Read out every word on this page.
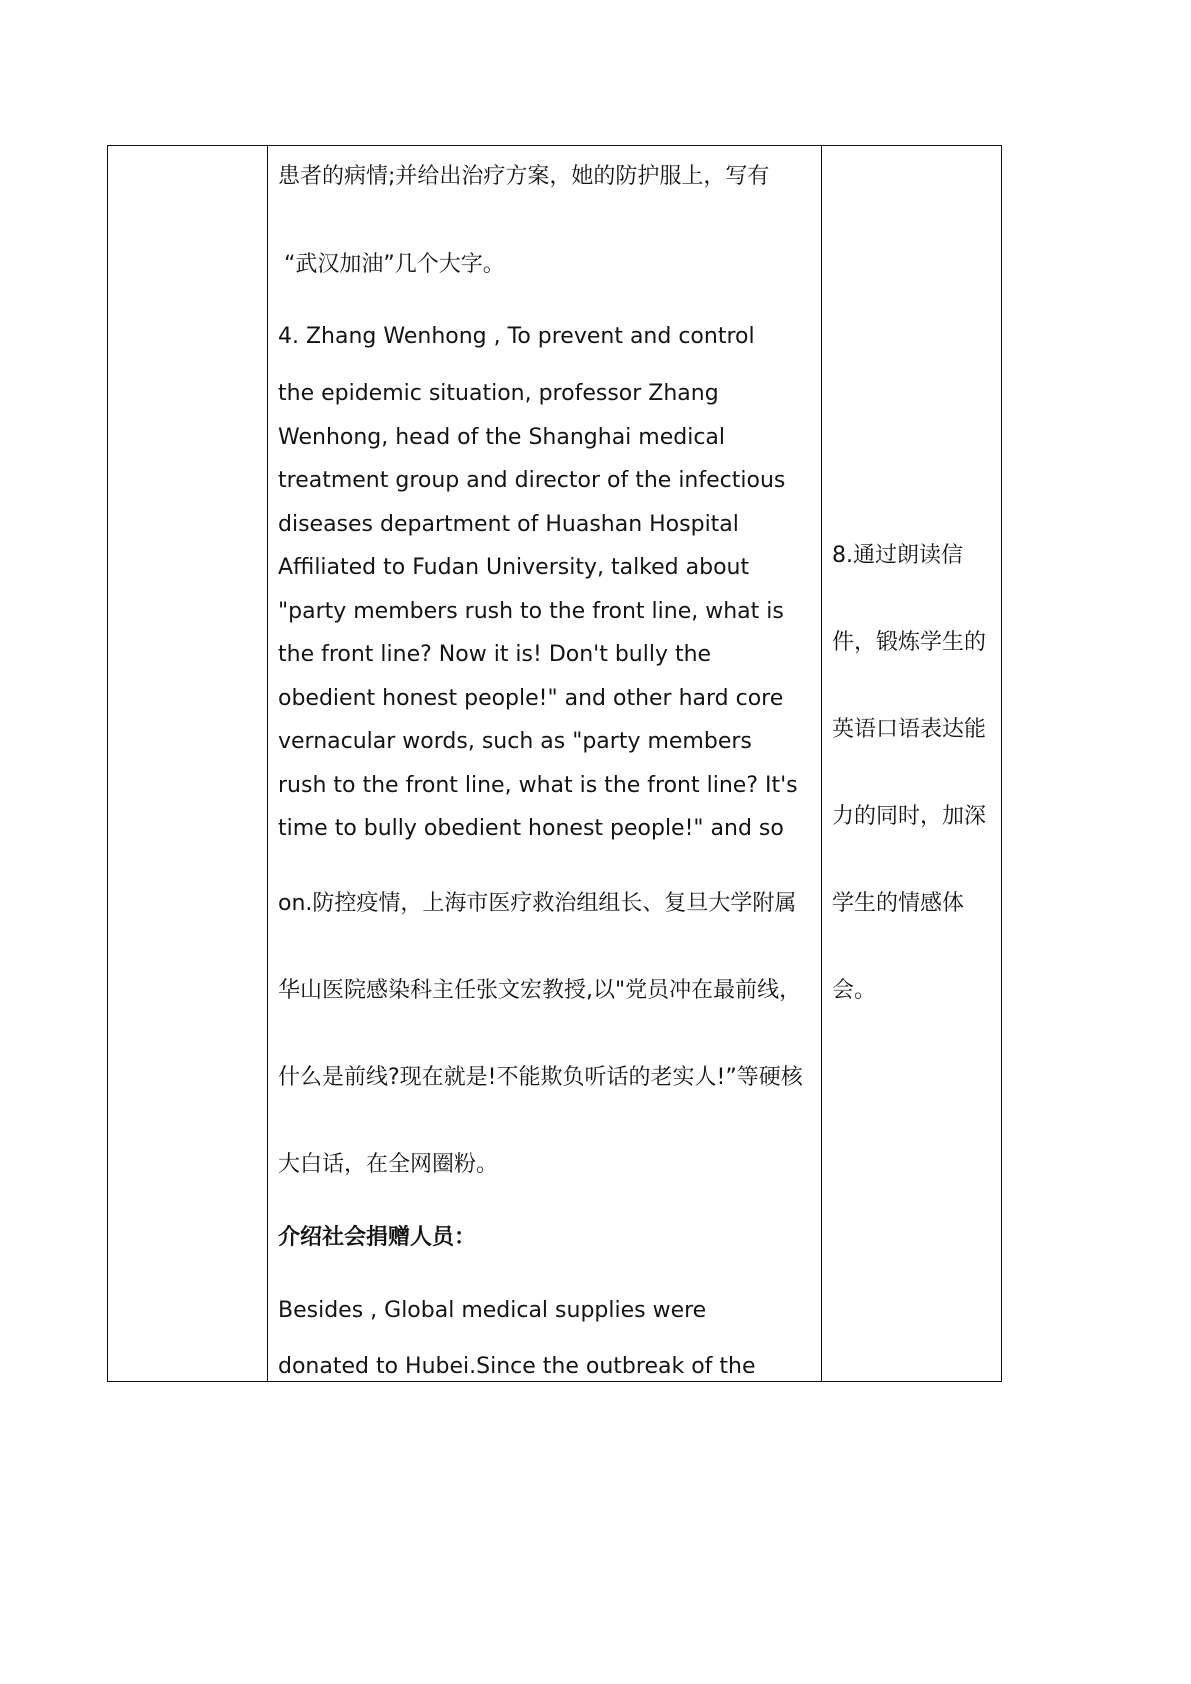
患者的病情;并给出治疗方案，她的防护服上，写有
“武汉加油”几个大字。
4. Zhang Wenhong , To prevent and control
the epidemic situation, professor Zhang
Wenhong, head of the Shanghai medical
treatment group and director of the infectious
diseases department of Huashan Hospital
Affiliated to Fudan University, talked about
"party members rush to the front line, what is
the front line? Now it is! Don't bully the
obedient honest people!" and other hard core
vernacular words, such as "party members
rush to the front line, what is the front line? It's
time to bully obedient honest people!" and so
on.防控疫情，上海市医疗救治组组长、复旦大学附属
华山医院感染科主任张文宏教授,以"党员冲在最前线，
什么是前线?现在就是!不能欺负听话的老实人!”等硬核
大白话，在全网圈粉。
介绍社会捐赠人员：
Besides , Global medical supplies were
donated to Hubei.Since the outbreak of the
8.通过朗读信
件，锻炼学生的
英语口语表达能
力的同时，加深
学生的情感体
会。
